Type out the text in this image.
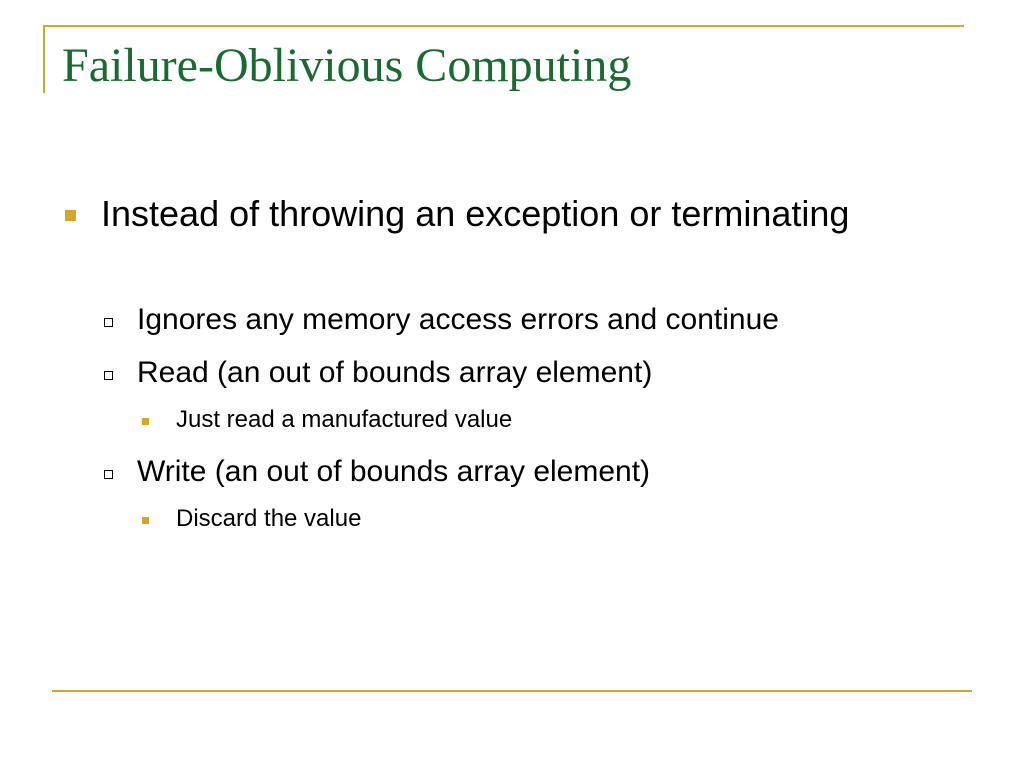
Failure-Oblivious Computing

Instead of throwing an exception or terminating

Ignores any memory access errors and continue

Read (an out of bounds array element)

Just read a manufactured value

Write (an out of bounds array element)

Discard the value
